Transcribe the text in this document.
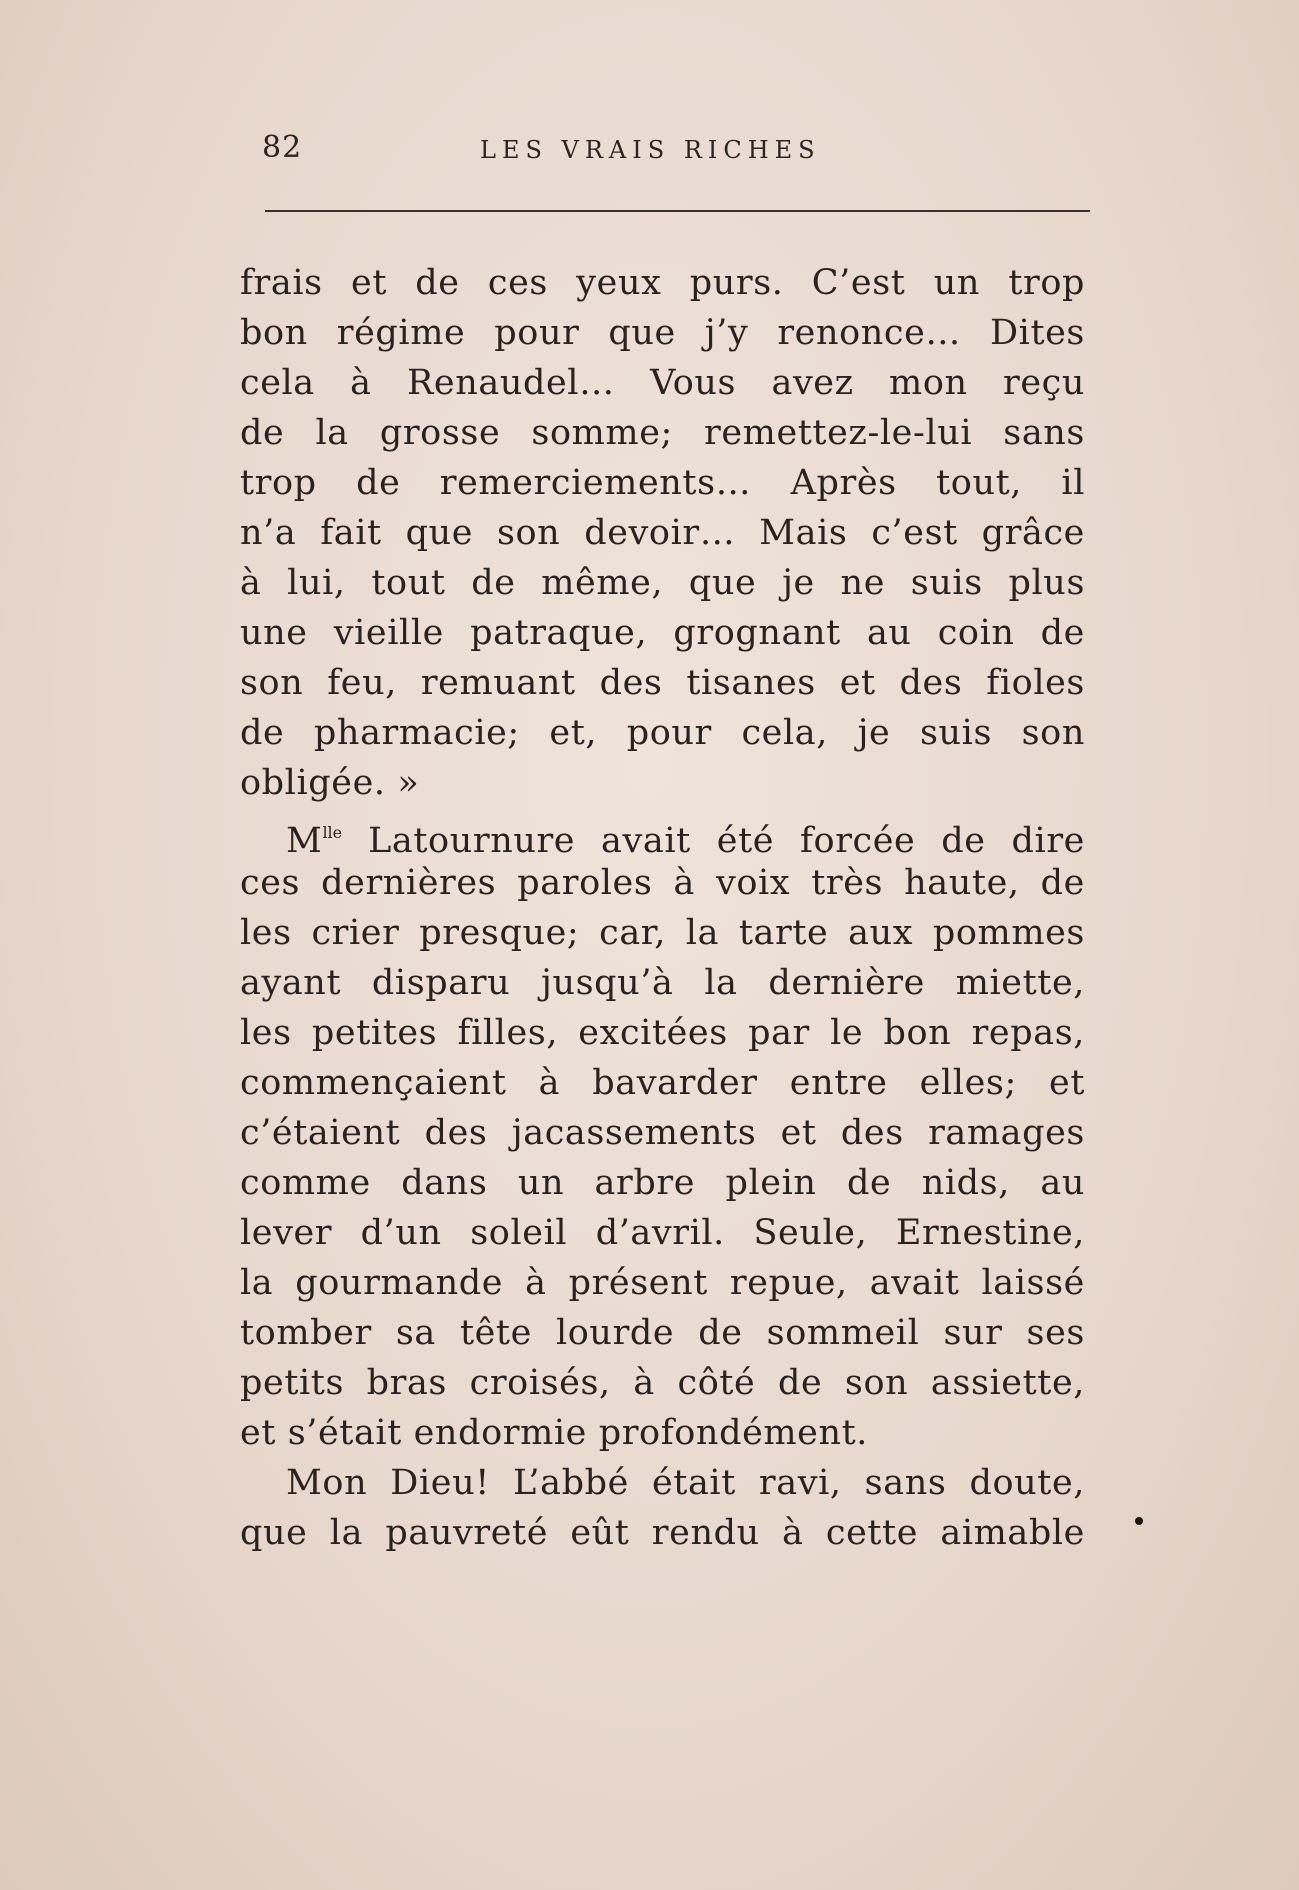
82	LES VRAIS RICHES
frais et de ces yeux purs. C’est un trop
bon régime pour que j’y renonce… Dites
cela à Renaudel… Vous avez mon reçu
de la grosse somme; remettez-le-lui sans
trop de remerciements… Après tout, il
n’a fait que son devoir… Mais c’est grâce
à lui, tout de même, que je ne suis plus
une vieille patraque, grognant au coin de
son feu, remuant des tisanes et des fioles
de pharmacie; et, pour cela, je suis son
obligée. »
$M^{lle}$ Latournure avait été forcée de dire
ces dernières paroles à voix très haute, de
les crier presque; car, la tarte aux pommes
ayant disparu jusqu’à la dernière miette,
les petites filles, excitées par le bon repas,
commençaient à bavarder entre elles; et
c’étaient des jacassements et des ramages
comme dans un arbre plein de nids, au
lever d’un soleil d’avril. Seule, Ernestine,
la gourmande à présent repue, avait laissé
tomber sa tête lourde de sommeil sur ses
petits bras croisés, à côté de son assiette,
et s’était endormie profondément.
Mon Dieu! L’abbé était ravi, sans doute,
que la pauvreté eût rendu à cette aimable
